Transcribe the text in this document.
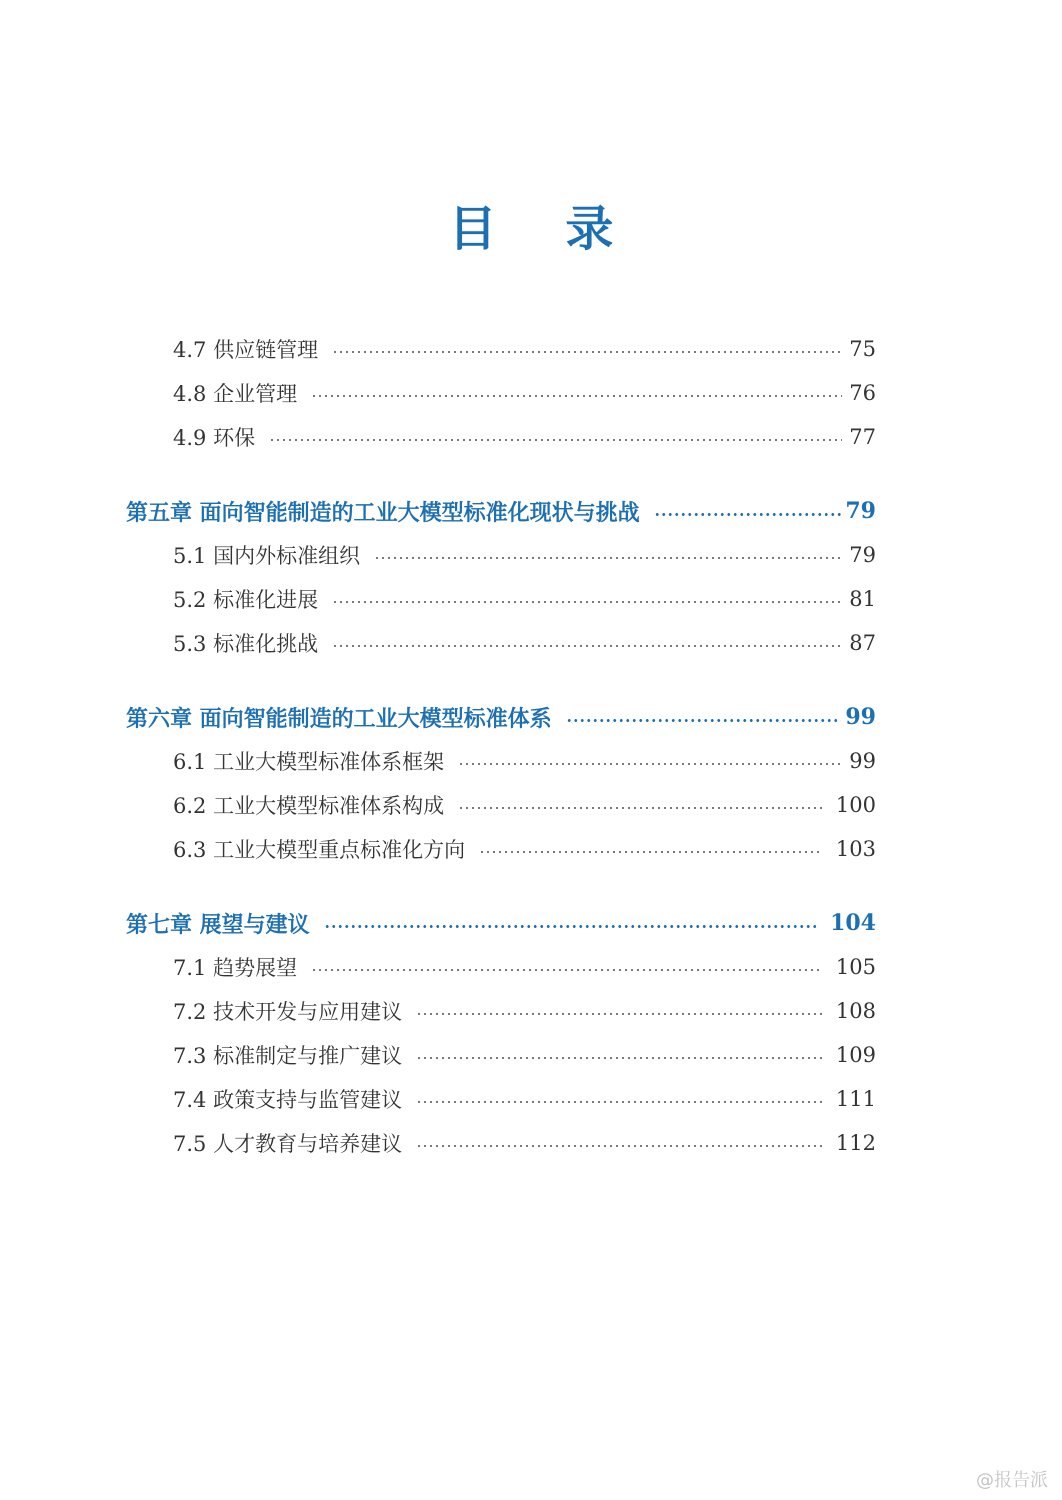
目 录
4.7 供应链管理	75
4.8 企业管理	76
4.9 环保	77
第五章 面向智能制造的工业大模型标准化现状与挑战	79
5.1 国内外标准组织	79
5.2 标准化进展	81
5.3 标准化挑战	87
第六章 面向智能制造的工业大模型标准体系	99
6.1 工业大模型标准体系框架	99
6.2 工业大模型标准体系构成	100
6.3 工业大模型重点标准化方向	103
第七章 展望与建议	104
7.1 趋势展望	105
7.2 技术开发与应用建议	108
7.3 标准制定与推广建议	109
7.4 政策支持与监管建议	111
7.5 人才教育与培养建议	112
@报告派
